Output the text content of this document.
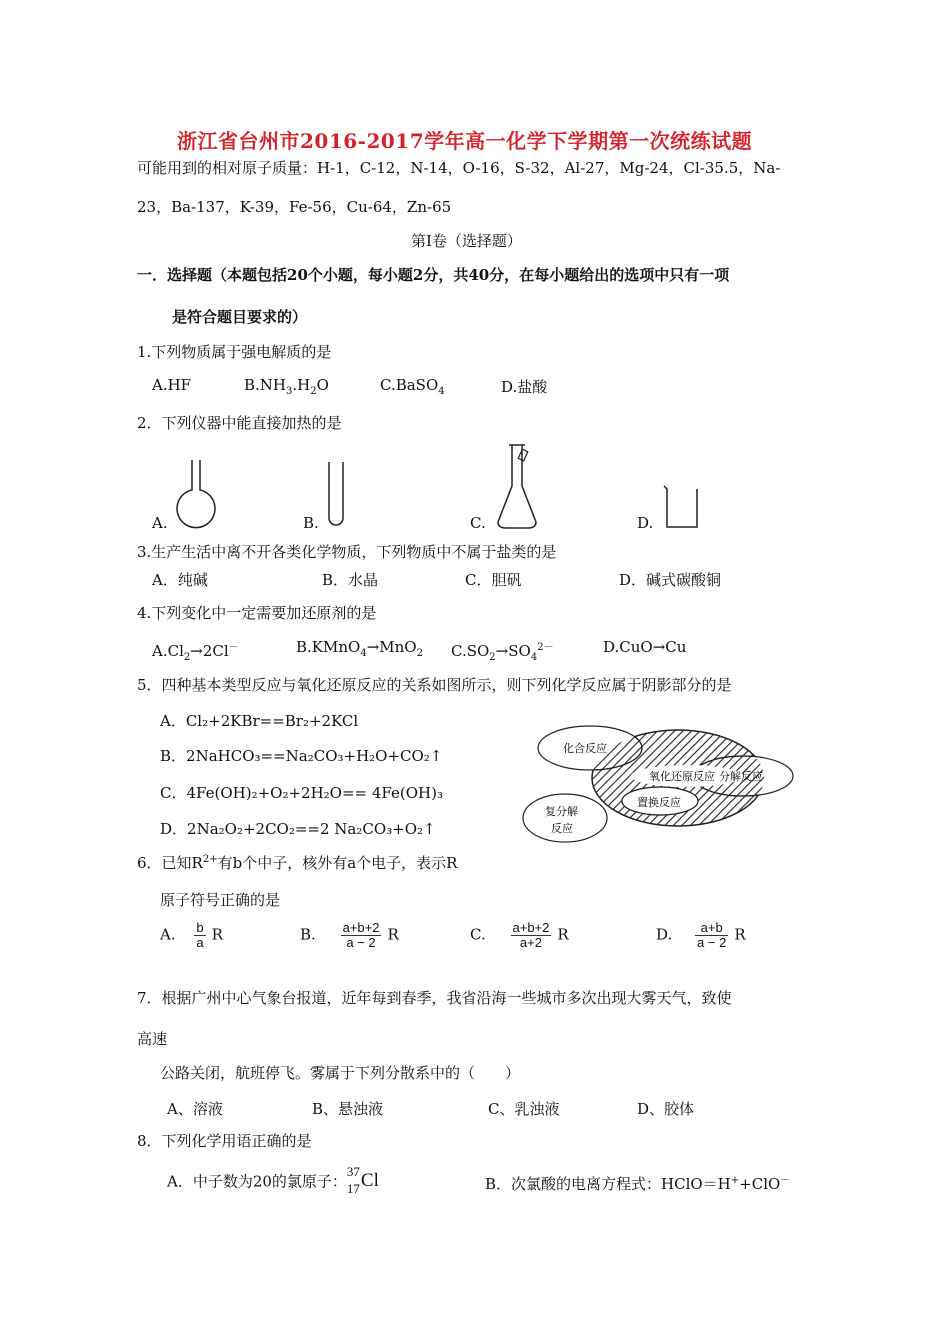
浙江省台州市2016-2017学年高一化学下学期第一次统练试题
可能用到的相对原子质量：H-1，C-12，N-14，O-16，S-32，Al-27，Mg-24，Cl-35.5，Na-
23，Ba-137，K-39，Fe-56，Cu-64，Zn-65
第Ⅰ卷（选择题）
一．选择题（本题包括20个小题，每小题2分，共40分，在每小题给出的选项中只有一项
是符合题目要求的）
1.下列物质属于强电解质的是
A.HF	$B.NH_3.H_2O$	C.BaSO$_4$	D.盐酸
2．下列仪器中能直接加热的是
A.	B.	C.	D.
3.生产生活中离不开各类化学物质，下列物质中不属于盐类的是
A．纯碱	B．水晶	C．胆矾	D．碱式碳酸铜
4.下列变化中一定需要加还原剂的是
$A.Cl_2\to 2Cl^-$	B.KMnO$_4$→MnO$_2$ $C.SO_2\to SO_4^{2-}$	D.CuO→Cu
5．四种基本类型反应与氧化还原反应的关系如图所示，则下列化学反应属于阴影部分的是
A．Cl₂+2KBr==Br₂+2KCl
B．2NaHCO₃==Na₂CO₃+H₂O+CO₂↑
C．4Fe(OH)₂+O₂+2H₂O== 4Fe(OH)₃
D．2Na₂O₂+2CO₂==2 Na₂CO₃+O₂↑
化合反应
氧化还原反应 分解反应
置换反应
复分解
反应
6．已知$R^{2+}$有b个中子，核外有a个电子，表示R
原子符号正确的是
A. $\frac{b}{a}$ R	B. $\frac{a+b+2}{a - 2}$ R	C. $\frac{a+b+2}{a+2}$ R	D. $\frac{a+b}{a - 2}$ R
7．根据广州中心气象台报道，近年每到春季，我省沿海一些城市多次出现大雾天气，致使
高速
公路关闭，航班停飞。雾属于下列分散系中的（　　）
A、溶液	B、悬浊液	C、乳浊液	D、胶体
8．下列化学用语正确的是
A．中子数为20的氯原子：
37
17 Cl	B．次氯酸的电离方程式：HClO＝H++ClO－
